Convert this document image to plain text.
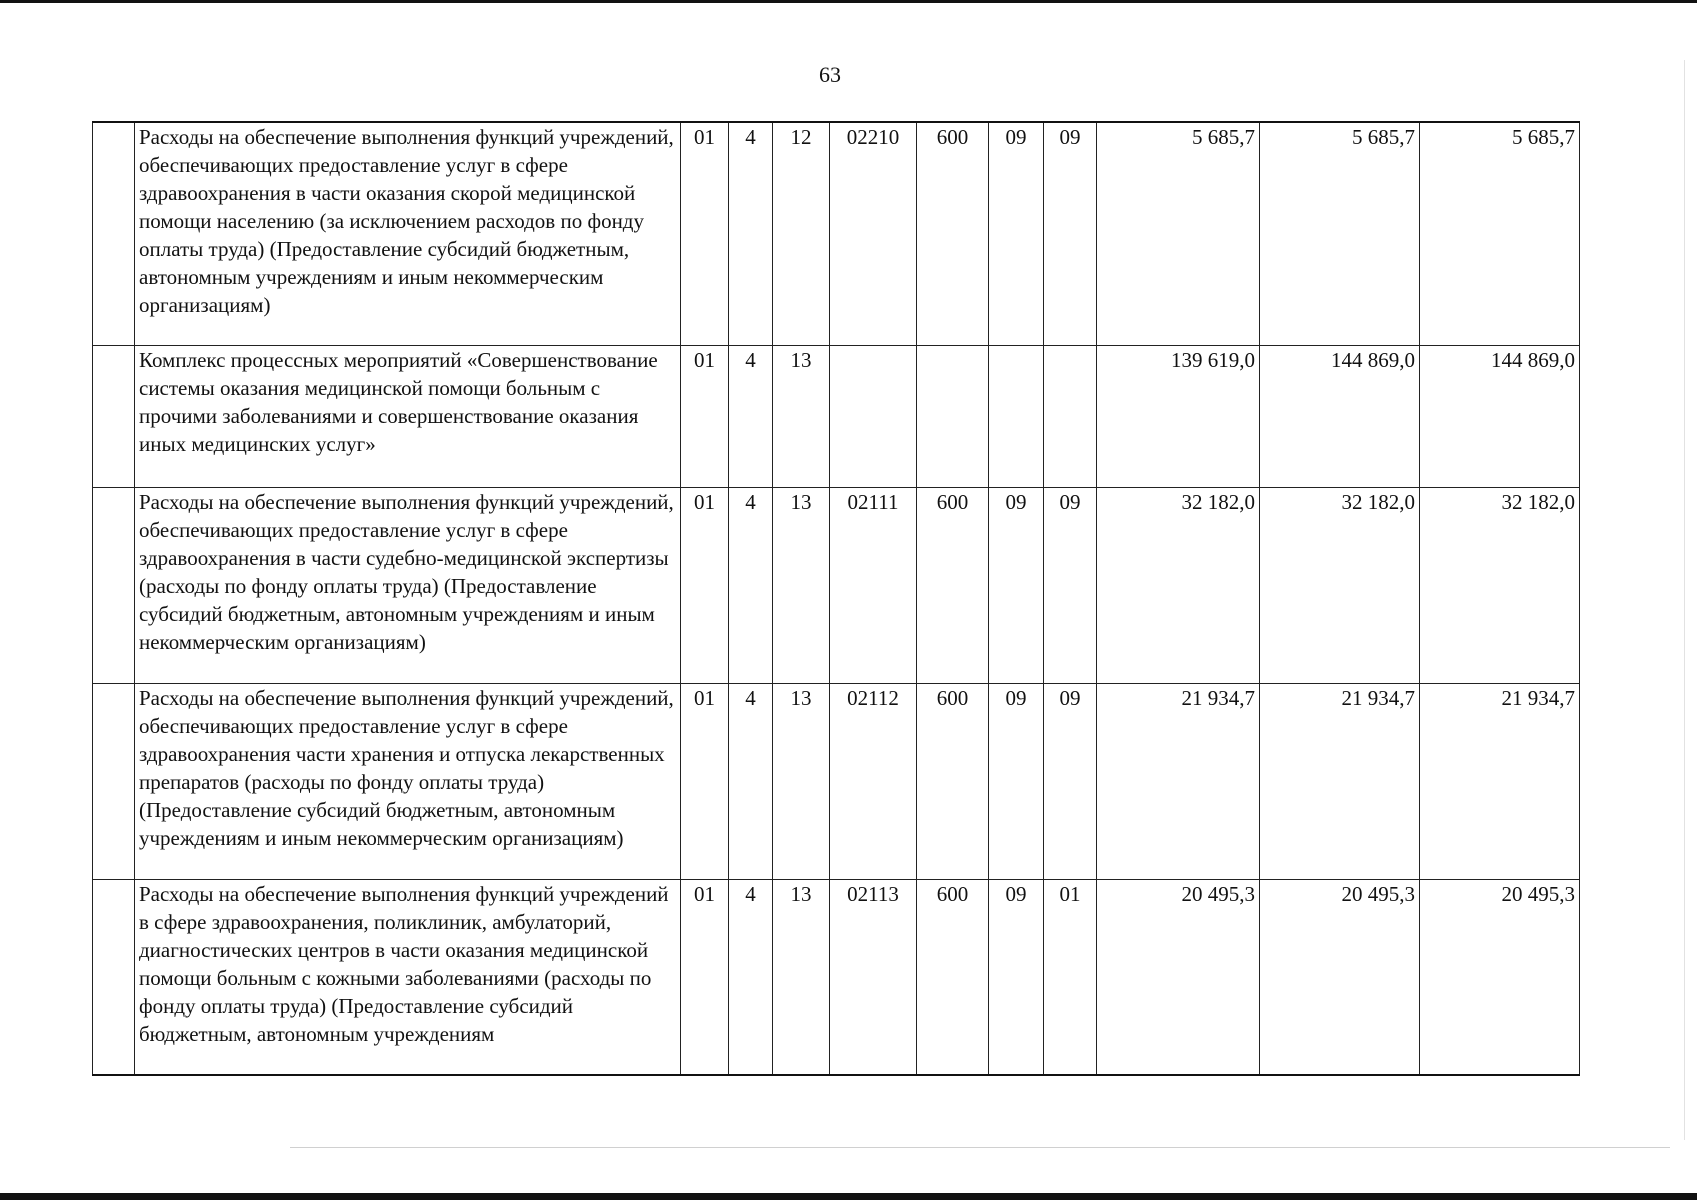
63
	Расходы на обеспечение выполнения функций учреждений, обеспечивающих предоставление услуг в сфере здравоохранения в части оказания скорой медицинской помощи населению (за исключением расходов по фонду оплаты труда) (Предоставление субсидий бюджетным, автономным учреждениям и иным некоммерческим организациям)	01	4	12	02210	600	09	09	5 685,7	5 685,7	5 685,7
	Комплекс процессных мероприятий «Совершенствование системы оказания медицинской помощи больным с прочими заболеваниями и совершенствование оказания иных медицинских услуг»	01	4	13					139 619,0	144 869,0	144 869,0
	Расходы на обеспечение выполнения функций учреждений, обеспечивающих предоставление услуг в сфере здравоохранения в части судебно-медицинской экспертизы (расходы по фонду оплаты труда) (Предоставление субсидий бюджетным, автономным учреждениям и иным некоммерческим организациям)	01	4	13	02111	600	09	09	32 182,0	32 182,0	32 182,0
	Расходы на обеспечение выполнения функций учреждений, обеспечивающих предоставление услуг в сфере здравоохранения части хранения и отпуска лекарственных препаратов (расходы по фонду оплаты труда) (Предоставление субсидий бюджетным, автономным учреждениям и иным некоммерческим организациям)	01	4	13	02112	600	09	09	21 934,7	21 934,7	21 934,7
	Расходы на обеспечение выполнения функций учреждений в сфере здравоохранения, поликлиник, амбулаторий, диагностических центров в части оказания медицинской помощи больным с кожными заболеваниями (расходы по фонду оплаты труда) (Предоставление субсидий бюджетным, автономным учреждениям	01	4	13	02113	600	09	01	20 495,3	20 495,3	20 495,3
